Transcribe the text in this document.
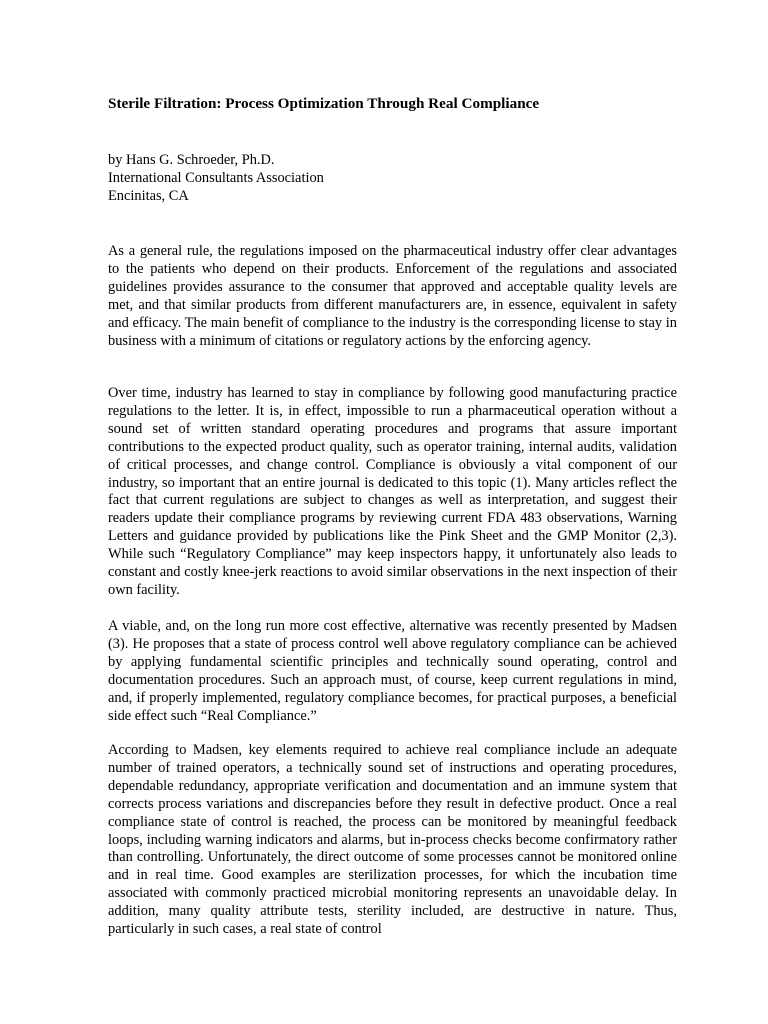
Sterile Filtration: Process Optimization Through Real Compliance
by Hans G. Schroeder, Ph.D.
International Consultants Association
Encinitas, CA

As a general rule, the regulations imposed on the pharmaceutical industry offer clear advantages to the patients who depend on their products. Enforcement of the regulations and associated guidelines provides assurance to the consumer that approved and acceptable quality levels are met, and that similar products from different manufacturers are, in essence, equivalent in safety and efficacy. The main benefit of compliance to the industry is the corresponding license to stay in business with a minimum of citations or regulatory actions by the enforcing agency.

Over time, industry has learned to stay in compliance by following good manufacturing practice regulations to the letter. It is, in effect, impossible to run a pharmaceutical operation without a sound set of written standard operating procedures and programs that assure important contributions to the expected product quality, such as operator training, internal audits, validation of critical processes, and change control. Compliance is obviously a vital component of our industry, so important that an entire journal is dedicated to this topic (1). Many articles reflect the fact that current regulations are subject to changes as well as interpretation, and suggest their readers update their compliance programs by reviewing current FDA 483 observations, Warning Letters and guidance provided by publications like the Pink Sheet and the GMP Monitor (2,3). While such “Regulatory Compliance” may keep inspectors happy, it unfortunately also leads to constant and costly knee-jerk reactions to avoid similar observations in the next inspection of their own facility.

A viable, and, on the long run more cost effective, alternative was recently presented by Madsen (3). He proposes that a state of process control well above regulatory compliance can be achieved by applying fundamental scientific principles and technically sound operating, control and documentation procedures. Such an approach must, of course, keep current regulations in mind, and, if properly implemented, regulatory compliance becomes, for practical purposes, a beneficial side effect such “Real Compliance.”

According to Madsen, key elements required to achieve real compliance include an adequate number of trained operators, a technically sound set of instructions and operating procedures, dependable redundancy, appropriate verification and documentation and an immune system that corrects process variations and discrepancies before they result in defective product. Once a real compliance state of control is reached, the process can be monitored by meaningful feedback loops, including warning indicators and alarms, but in-process checks become confirmatory rather than controlling. Unfortunately, the direct outcome of some processes cannot be monitored online and in real time. Good examples are sterilization processes, for which the incubation time associated with commonly practiced microbial monitoring represents an unavoidable delay. In addition, many quality attribute tests, sterility included, are destructive in nature. Thus, particularly in such cases, a real state of control
